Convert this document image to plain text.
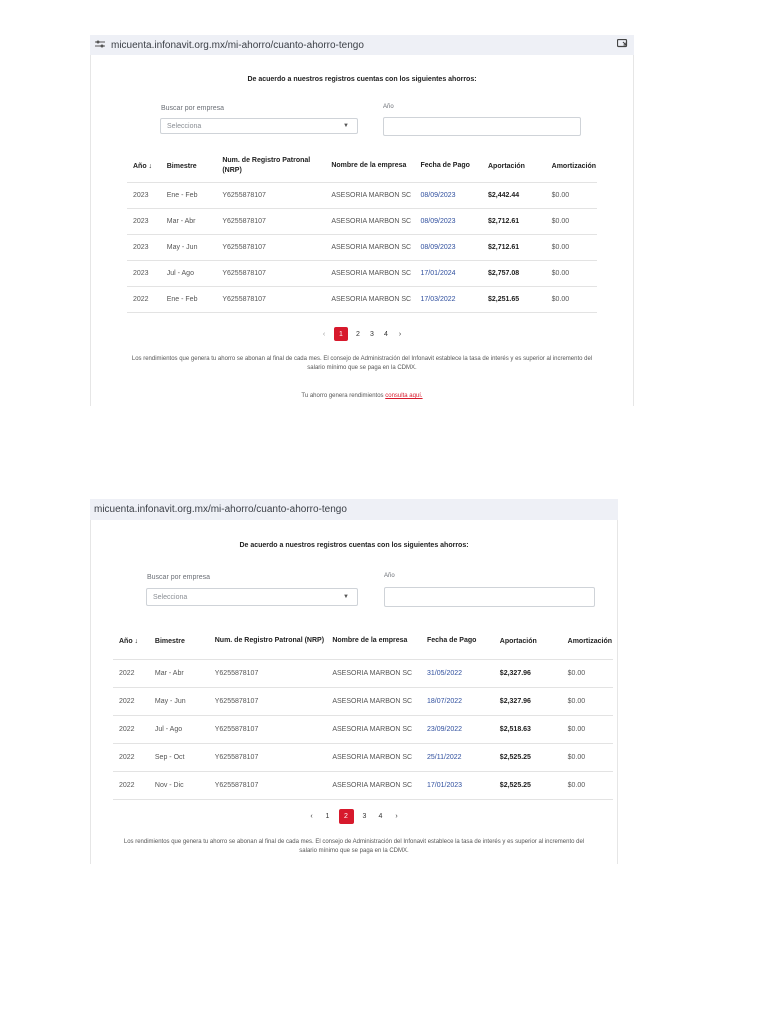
micuenta.infonavit.org.mx/mi-ahorro/cuanto-ahorro-tengo
De acuerdo a nuestros registros cuentas con los siguientes ahorros:
Buscar por empresa
Selecciona	▼
Año
Año ↓	Bimestre	Num. de Registro Patronal (NRP)	Nombre de la empresa	Fecha de Pago	Aportación	Amortización
2023	Ene - Feb	Y6255878107	ASESORIA MARBON SC	08/09/2023	$2,442.44	$0.00
2023	Mar - Abr	Y6255878107	ASESORIA MARBON SC	08/09/2023	$2,712.61	$0.00
2023	May - Jun	Y6255878107	ASESORIA MARBON SC	08/09/2023	$2,712.61	$0.00
2023	Jul - Ago	Y6255878107	ASESORIA MARBON SC	17/01/2024	$2,757.08	$0.00
2022	Ene - Feb	Y6255878107	ASESORIA MARBON SC	17/03/2022	$2,251.65	$0.00
‹	1	2	3	4	›
Los rendimientos que genera tu ahorro se abonan al final de cada mes. El consejo de Administración del Infonavit establece la tasa de interés y es superior al incremento del salario mínimo que se paga en la CDMX.
Tu ahorro genera rendimientos consulta aquí.
micuenta.infonavit.org.mx/mi-ahorro/cuanto-ahorro-tengo
De acuerdo a nuestros registros cuentas con los siguientes ahorros:
Buscar por empresa
Selecciona	▼
Año
Año ↓	Bimestre	Num. de Registro Patronal (NRP)	Nombre de la empresa	Fecha de Pago	Aportación	Amortización
2022	Mar - Abr	Y6255878107	ASESORIA MARBON SC	31/05/2022	$2,327.96	$0.00
2022	May - Jun	Y6255878107	ASESORIA MARBON SC	18/07/2022	$2,327.96	$0.00
2022	Jul - Ago	Y6255878107	ASESORIA MARBON SC	23/09/2022	$2,518.63	$0.00
2022	Sep - Oct	Y6255878107	ASESORIA MARBON SC	25/11/2022	$2,525.25	$0.00
2022	Nov - Dic	Y6255878107	ASESORIA MARBON SC	17/01/2023	$2,525.25	$0.00
‹	1	2	3	4	›
Los rendimientos que genera tu ahorro se abonan al final de cada mes. El consejo de Administración del Infonavit establece la tasa de interés y es superior al incremento del salario mínimo que se paga en la CDMX.
